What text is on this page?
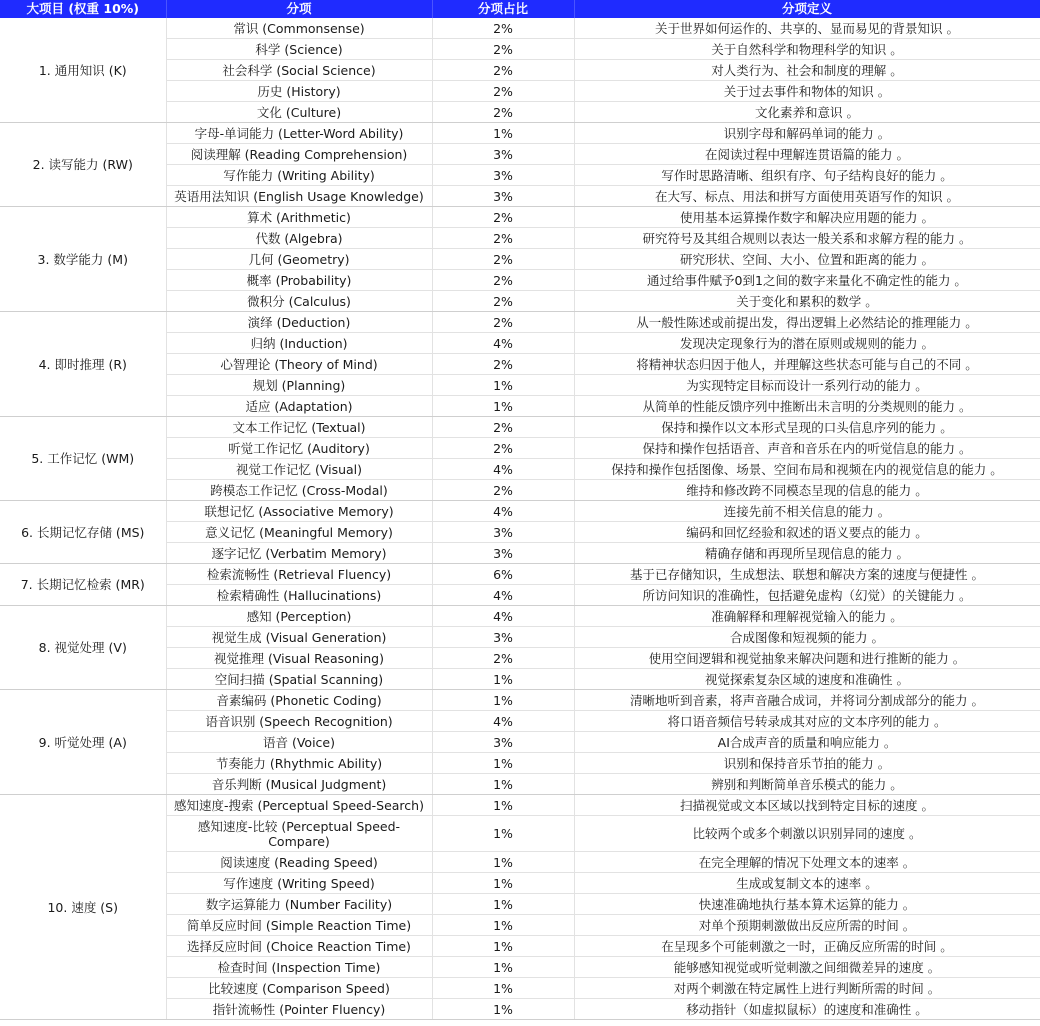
大项目 (权重 10%)	分项	分项占比	分项定义
1. 通用知识 (K)	常识 (Commonsense)	2%	关于世界如何运作的、共享的、显而易见的背景知识 。
	科学 (Science)	2%	关于自然科学和物理科学的知识 。
	社会科学 (Social Science)	2%	对人类行为、社会和制度的理解 。
	历史 (History)	2%	关于过去事件和物体的知识 。
	文化 (Culture)	2%	文化素养和意识 。
2. 读写能力 (RW)	字母-单词能力 (Letter-Word Ability)	1%	识别字母和解码单词的能力 。
	阅读理解 (Reading Comprehension)	3%	在阅读过程中理解连贯语篇的能力 。
	写作能力 (Writing Ability)	3%	写作时思路清晰、组织有序、句子结构良好的能力 。
	英语用法知识 (English Usage Knowledge)	3%	在大写、标点、用法和拼写方面使用英语写作的知识 。
3. 数学能力 (M)	算术 (Arithmetic)	2%	使用基本运算操作数字和解决应用题的能力 。
	代数 (Algebra)	2%	研究符号及其组合规则以表达一般关系和求解方程的能力 。
	几何 (Geometry)	2%	研究形状、空间、大小、位置和距离的能力 。
	概率 (Probability)	2%	通过给事件赋予0到1之间的数字来量化不确定性的能力 。
	微积分 (Calculus)	2%	关于变化和累积的数学 。
4. 即时推理 (R)	演绎 (Deduction)	2%	从一般性陈述或前提出发，得出逻辑上必然结论的推理能力 。
	归纳 (Induction)	4%	发现决定现象行为的潜在原则或规则的能力 。
	心智理论 (Theory of Mind)	2%	将精神状态归因于他人，并理解这些状态可能与自己的不同 。
	规划 (Planning)	1%	为实现特定目标而设计一系列行动的能力 。
	适应 (Adaptation)	1%	从简单的性能反馈序列中推断出未言明的分类规则的能力 。
5. 工作记忆 (WM)	文本工作记忆 (Textual)	2%	保持和操作以文本形式呈现的口头信息序列的能力 。
	听觉工作记忆 (Auditory)	2%	保持和操作包括语音、声音和音乐在内的听觉信息的能力 。
	视觉工作记忆 (Visual)	4%	保持和操作包括图像、场景、空间布局和视频在内的视觉信息的能力 。
	跨模态工作记忆 (Cross-Modal)	2%	维持和修改跨不同模态呈现的信息的能力 。
6. 长期记忆存储 (MS)	联想记忆 (Associative Memory)	4%	连接先前不相关信息的能力 。
	意义记忆 (Meaningful Memory)	3%	编码和回忆经验和叙述的语义要点的能力 。
	逐字记忆 (Verbatim Memory)	3%	精确存储和再现所呈现信息的能力 。
7. 长期记忆检索 (MR)	检索流畅性 (Retrieval Fluency)	6%	基于已存储知识，生成想法、联想和解决方案的速度与便捷性 。
	检索精确性 (Hallucinations)	4%	所访问知识的准确性，包括避免虚构（幻觉）的关键能力 。
8. 视觉处理 (V)	感知 (Perception)	4%	准确解释和理解视觉输入的能力 。
	视觉生成 (Visual Generation)	3%	合成图像和短视频的能力 。
	视觉推理 (Visual Reasoning)	2%	使用空间逻辑和视觉抽象来解决问题和进行推断的能力 。
	空间扫描 (Spatial Scanning)	1%	视觉探索复杂区域的速度和准确性 。
9. 听觉处理 (A)	音素编码 (Phonetic Coding)	1%	清晰地听到音素，将声音融合成词，并将词分割成部分的能力 。
	语音识别 (Speech Recognition)	4%	将口语音频信号转录成其对应的文本序列的能力 。
	语音 (Voice)	3%	AI合成声音的质量和响应能力 。
	节奏能力 (Rhythmic Ability)	1%	识别和保持音乐节拍的能力 。
	音乐判断 (Musical Judgment)	1%	辨别和判断简单音乐模式的能力 。
10. 速度 (S)	感知速度-搜索 (Perceptual Speed-Search)	1%	扫描视觉或文本区域以找到特定目标的速度 。
	感知速度-比较 (Perceptual Speed-Compare)	1%	比较两个或多个刺激以识别异同的速度 。
	阅读速度 (Reading Speed)	1%	在完全理解的情况下处理文本的速率 。
	写作速度 (Writing Speed)	1%	生成或复制文本的速率 。
	数字运算能力 (Number Facility)	1%	快速准确地执行基本算术运算的能力 。
	简单反应时间 (Simple Reaction Time)	1%	对单个预期刺激做出反应所需的时间 。
	选择反应时间 (Choice Reaction Time)	1%	在呈现多个可能刺激之一时，正确反应所需的时间 。
	检查时间 (Inspection Time)	1%	能够感知视觉或听觉刺激之间细微差异的速度 。
	比较速度 (Comparison Speed)	1%	对两个刺激在特定属性上进行判断所需的时间 。
	指针流畅性 (Pointer Fluency)	1%	移动指针（如虚拟鼠标）的速度和准确性 。
